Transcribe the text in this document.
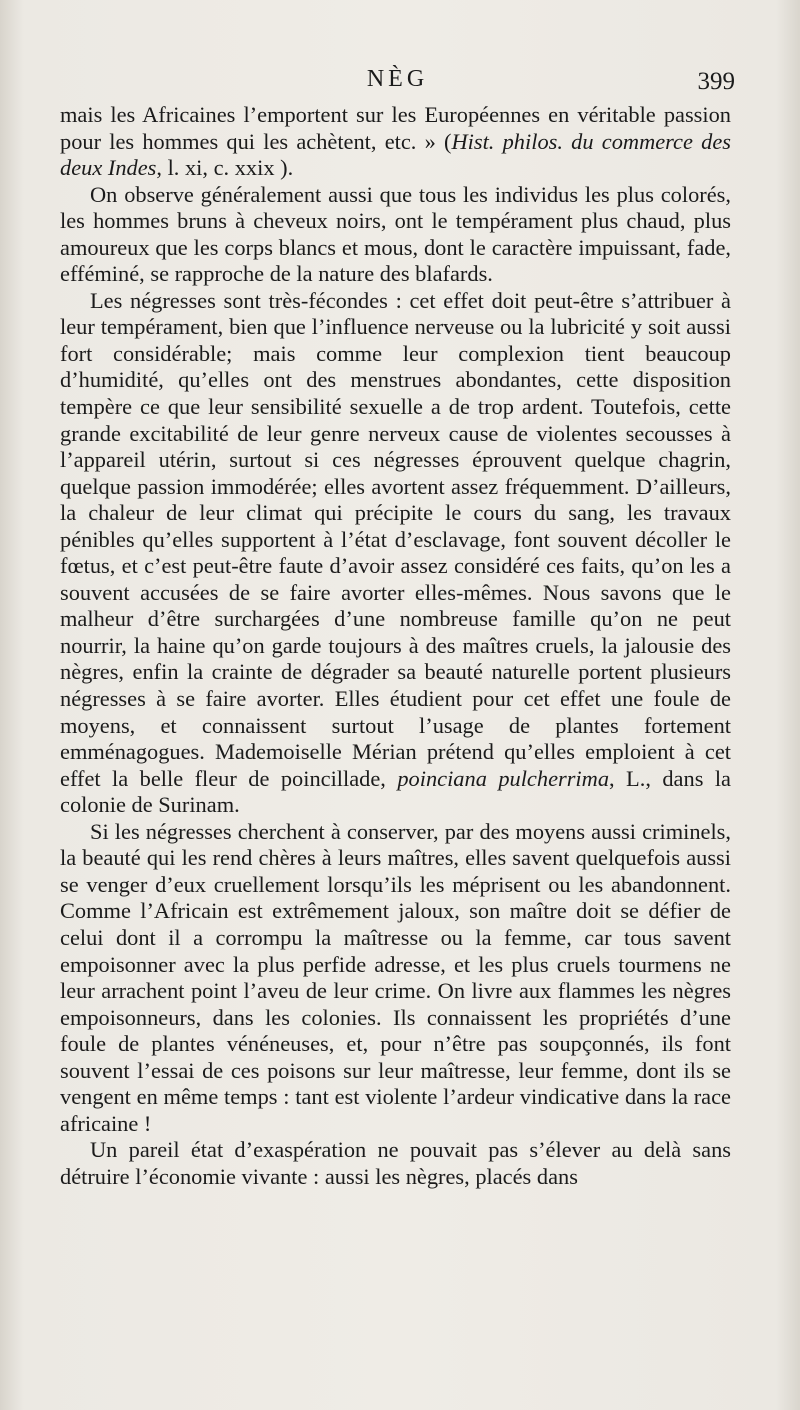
NÈG	399

mais les Africaines l’emportent sur les Européennes en véritable passion pour les hommes qui les achètent, etc. » (Hist. philos. du commerce des deux Indes, l. xi, c. xxix ).

On observe généralement aussi que tous les individus les plus colorés, les hommes bruns à cheveux noirs, ont le tempérament plus chaud, plus amoureux que les corps blancs et mous, dont le caractère impuissant, fade, efféminé, se rapproche de la nature des blafards.

Les négresses sont très-fécondes : cet effet doit peut-être s’attribuer à leur tempérament, bien que l’influence nerveuse ou la lubricité y soit aussi fort considérable; mais comme leur complexion tient beaucoup d’humidité, qu’elles ont des menstrues abondantes, cette disposition tempère ce que leur sensibilité sexuelle a de trop ardent. Toutefois, cette grande excitabilité de leur genre nerveux cause de violentes secousses à l’appareil utérin, surtout si ces négresses éprouvent quelque chagrin, quelque passion immodérée; elles avortent assez fréquemment. D’ailleurs, la chaleur de leur climat qui précipite le cours du sang, les travaux pénibles qu’elles supportent à l’état d’esclavage, font souvent décoller le fœtus, et c’est peut-être faute d’avoir assez considéré ces faits, qu’on les a souvent accusées de se faire avorter elles-mêmes. Nous savons que le malheur d’être surchargées d’une nombreuse famille qu’on ne peut nourrir, la haine qu’on garde toujours à des maîtres cruels, la jalousie des nègres, enfin la crainte de dégrader sa beauté naturelle portent plusieurs négresses à se faire avorter. Elles étudient pour cet effet une foule de moyens, et connaissent surtout l’usage de plantes fortement emménagogues. Mademoiselle Mérian prétend qu’elles emploient à cet effet la belle fleur de poincillade, poinciana pulcherrima, L., dans la colonie de Surinam.

Si les négresses cherchent à conserver, par des moyens aussi criminels, la beauté qui les rend chères à leurs maîtres, elles savent quelquefois aussi se venger d’eux cruellement lorsqu’ils les méprisent ou les abandonnent. Comme l’Africain est extrêmement jaloux, son maître doit se défier de celui dont il a corrompu la maîtresse ou la femme, car tous savent empoisonner avec la plus perfide adresse, et les plus cruels tourmens ne leur arrachent point l’aveu de leur crime. On livre aux flammes les nègres empoisonneurs, dans les colonies. Ils connaissent les propriétés d’une foule de plantes vénéneuses, et, pour n’être pas soupçonnés, ils font souvent l’essai de ces poisons sur leur maîtresse, leur femme, dont ils se vengent en même temps : tant est violente l’ardeur vindicative dans la race africaine !

Un pareil état d’exaspération ne pouvait pas s’élever au delà sans détruire l’économie vivante : aussi les nègres, placés dans
